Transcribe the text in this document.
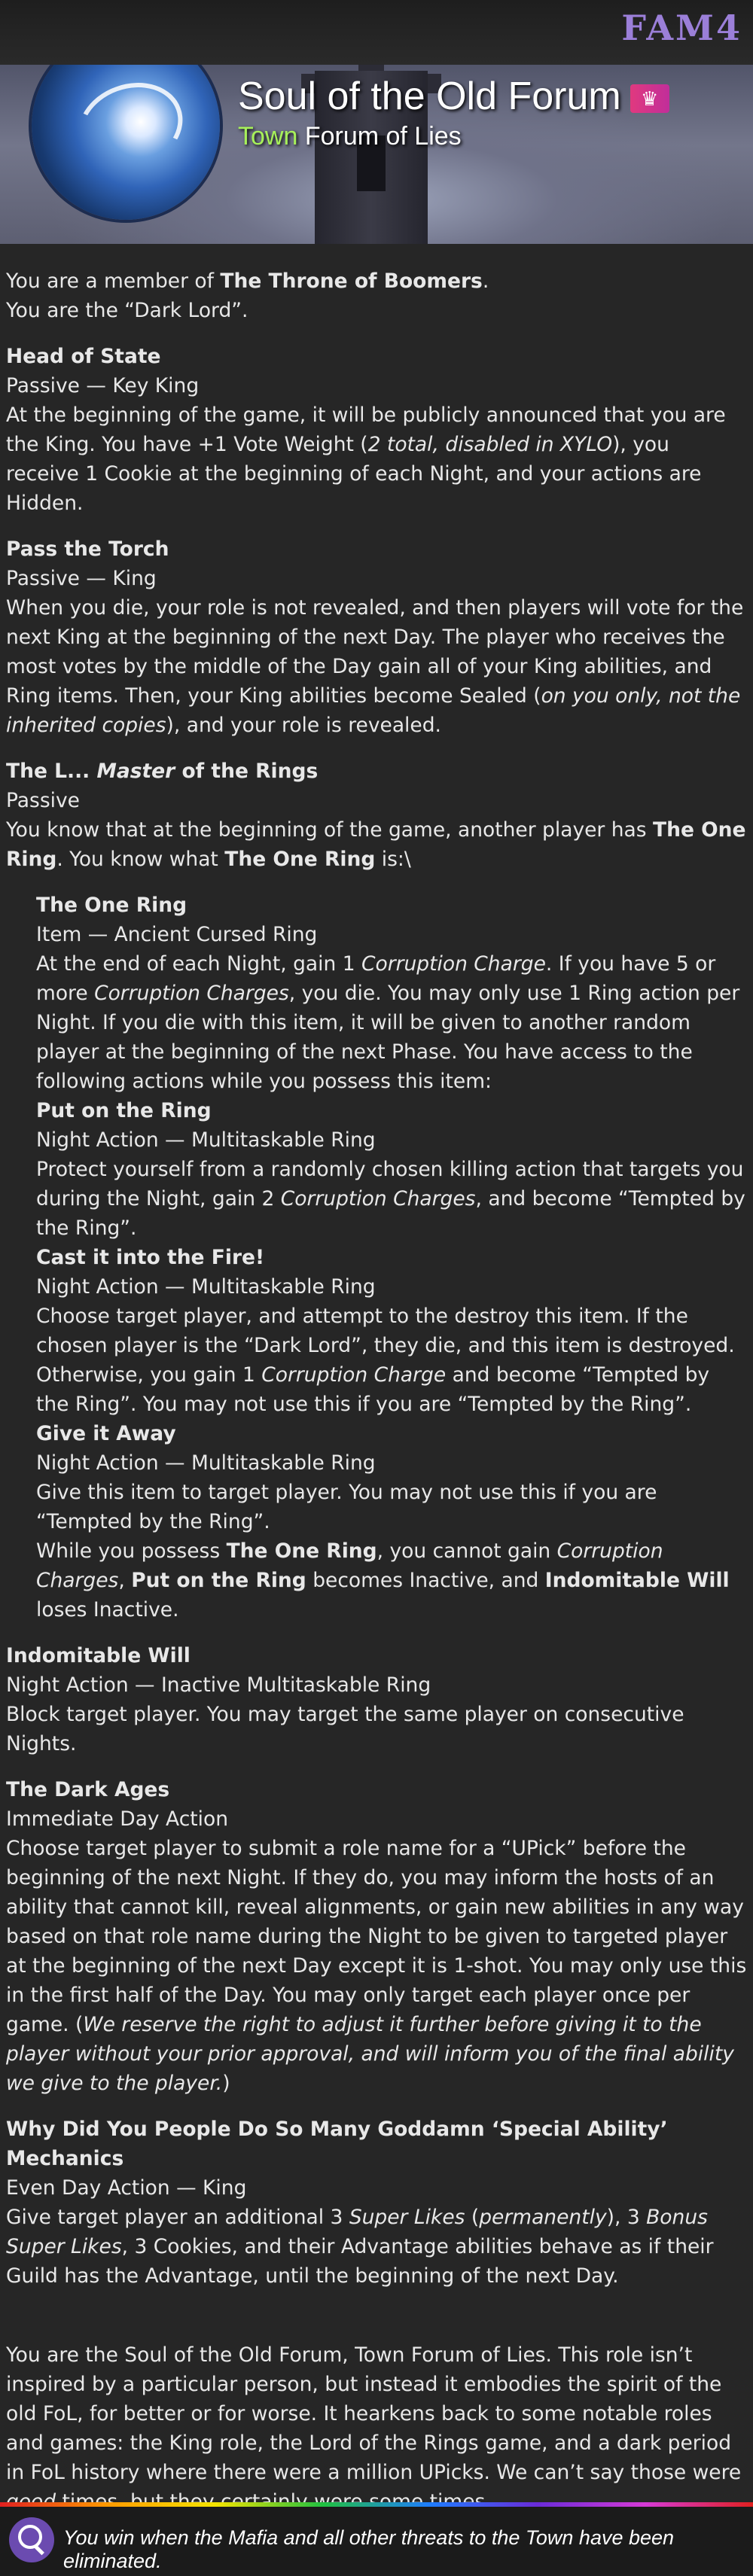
FAM4
Soul of the Old Forum ♛
Town Forum of Lies

You are a member of The Throne of Boomers.

You are the “Dark Lord”.

Head of State

Passive — Key King

At the beginning of the game, it will be publicly announced that you are the King. You have +1 Vote Weight (2 total, disabled in XYLO), you receive 1 Cookie at the beginning of each Night, and your actions are Hidden.

Pass the Torch

Passive — King

When you die, your role is not revealed, and then players will vote for the next King at the beginning of the next Day. The player who receives the most votes by the middle of the Day gain all of your King abilities, and Ring items. Then, your King abilities become Sealed (on you only, not the inherited copies), and your role is revealed.

The L... Master of the Rings

Passive

You know that at the beginning of the game, another player has The One Ring. You know what The One Ring is:\

The One Ring

Item — Ancient Cursed Ring

At the end of each Night, gain 1 Corruption Charge. If you have 5 or more Corruption Charges, you die. You may only use 1 Ring action per Night. If you die with this item, it will be given to another random player at the beginning of the next Phase. You have access to the following actions while you possess this item:

Put on the Ring

Night Action — Multitaskable Ring

Protect yourself from a randomly chosen killing action that targets you during the Night, gain 2 Corruption Charges, and become “Tempted by the Ring”.

Cast it into the Fire!

Night Action — Multitaskable Ring

Choose target player, and attempt to the destroy this item. If the chosen player is the “Dark Lord”, they die, and this item is destroyed. Otherwise, you gain 1 Corruption Charge and become “Tempted by the Ring”. You may not use this if you are “Tempted by the Ring”.

Give it Away

Night Action — Multitaskable Ring

Give this item to target player. You may not use this if you are “Tempted by the Ring”.

While you possess The One Ring, you cannot gain Corruption Charges, Put on the Ring becomes Inactive, and Indomitable Will loses Inactive.

Indomitable Will

Night Action — Inactive Multitaskable Ring

Block target player. You may target the same player on consecutive Nights.

The Dark Ages

Immediate Day Action

Choose target player to submit a role name for a “UPick” before the beginning of the next Night. If they do, you may inform the hosts of an ability that cannot kill, reveal alignments, or gain new abilities in any way based on that role name during the Night to be given to targeted player at the beginning of the next Day except it is 1-shot. You may only use this in the first half of the Day. You may only target each player once per game. (We reserve the right to adjust it further before giving it to the player without your prior approval, and will inform you of the final ability we give to the player.)

Why Did You People Do So Many Goddamn ‘Special Ability’ Mechanics

Even Day Action — King

Give target player an additional 3 Super Likes (permanently), 3 Bonus Super Likes, 3 Cookies, and their Advantage abilities behave as if their Guild has the Advantage, until the beginning of the next Day.

You are the Soul of the Old Forum, Town Forum of Lies. This role isn’t inspired by a particular person, but instead it embodies the spirit of the old FoL, for better or for worse. It hearkens back to some notable roles and games: the King role, the Lord of the Rings game, and a dark period in FoL history where there were a million UPicks. We can’t say those were

You win when the Mafia and all other threats to the Town have been eliminated.
